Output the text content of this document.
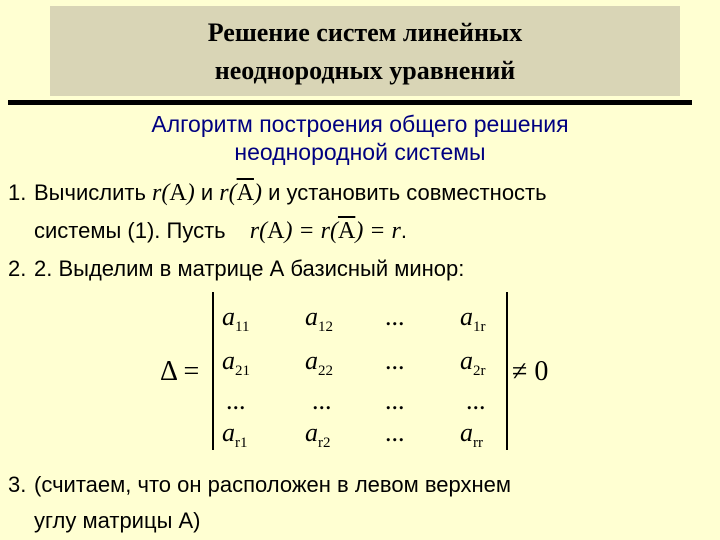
Решение систем линейных
неоднородных уравнений
Алгоритм построения общего решения
неоднородной системы
1. Вычислить r(A) и $r(\overline{A})$ и установить совместность
системы (1). Пусть $r(A) = r(\overline{A}) = r$.
2. 2. Выделим в матрице А базисный минор:
Δ =	≠ 0
$a_{11}$ $a_{12}$ ... $a_{1r}$
$a_{21}$ $a_{22}$ ... $a_{2r}$
...	... ... ...
$a_{r1}$ $a_{r2}$ ... $a_{rr}$
3. (считаем, что он расположен в левом верхнем
углу матрицы А)
